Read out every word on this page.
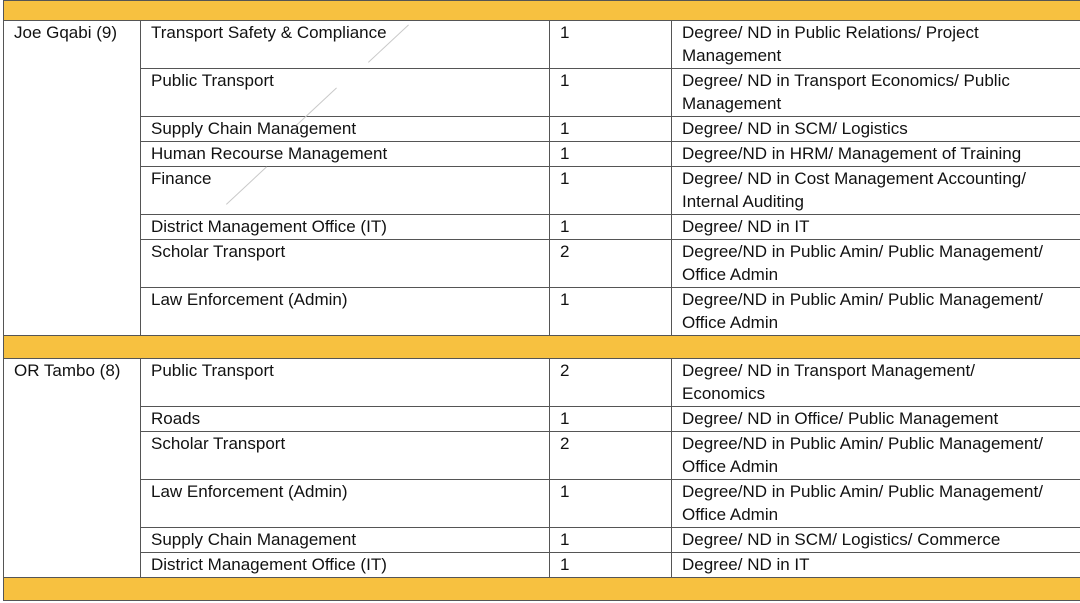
Joe Gqabi (9)	Transport Safety & Compliance	1	Degree/ ND in Public Relations/ Project
Management

	Public Transport	1	Degree/ ND in Transport Economics/ Public
Management

	Supply Chain Management	1	Degree/ ND in SCM/ Logistics
	Human Recourse Management	1	Degree/ND in HRM/ Management of Training
	Finance	1	Degree/ ND in Cost Management Accounting/
Internal Auditing

	District Management Office (IT)	1	Degree/ ND in IT
	Scholar Transport	2	Degree/ND in Public Amin/ Public Management/
Office Admin

	Law Enforcement (Admin)	1	Degree/ND in Public Amin/ Public Management/
Office Admin

OR Tambo (8)	Public Transport	2	Degree/ ND in Transport Management/
Economics

	Roads	1	Degree/ ND in Office/ Public Management
	Scholar Transport	2	Degree/ND in Public Amin/ Public Management/
Office Admin

	Law Enforcement (Admin)	1	Degree/ND in Public Amin/ Public Management/
Office Admin

	Supply Chain Management	1	Degree/ ND in SCM/ Logistics/ Commerce
	District Management Office (IT)	1	Degree/ ND in IT
